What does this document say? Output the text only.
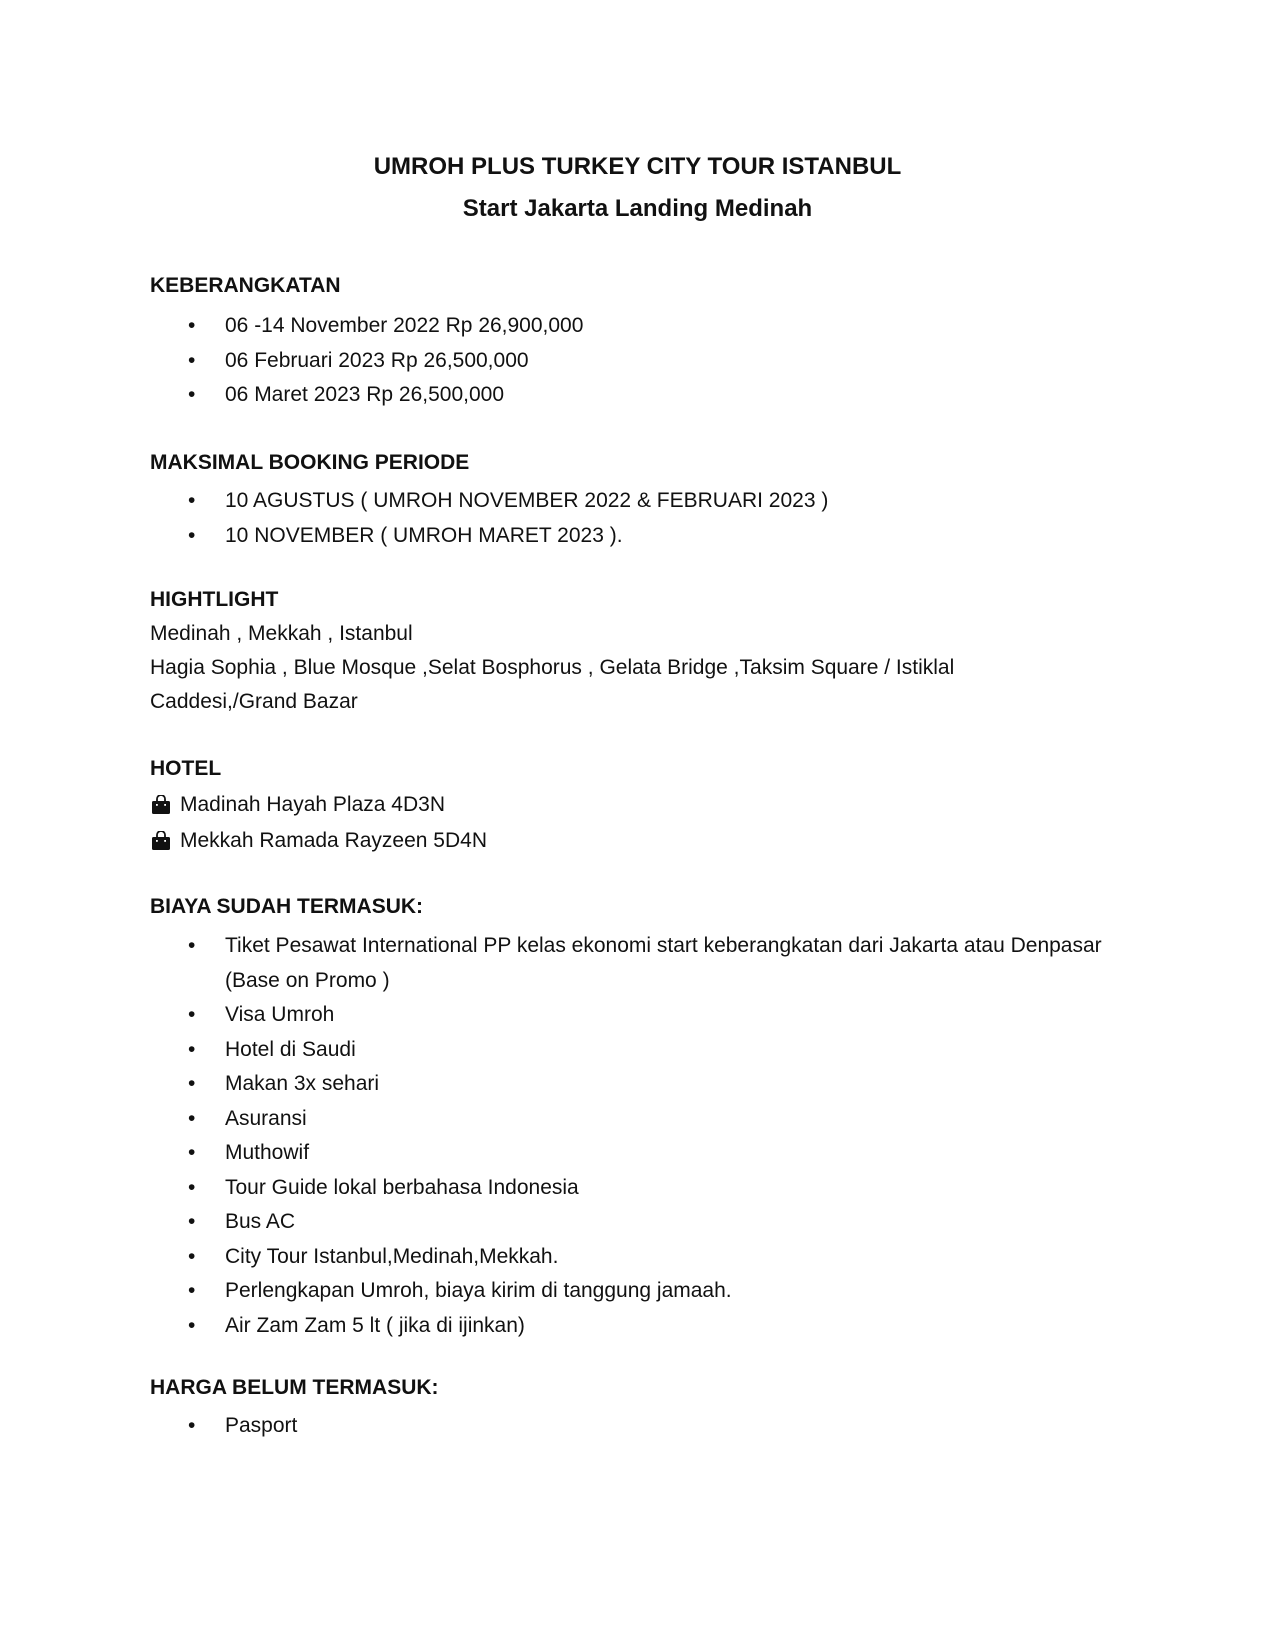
UMROH PLUS TURKEY CITY TOUR ISTANBUL
Start Jakarta Landing Medinah
KEBERANGKATAN
• 06 -14 November 2022 Rp 26,900,000
• 06 Februari 2023 Rp 26,500,000
• 06 Maret 2023 Rp 26,500,000
MAKSIMAL BOOKING PERIODE
• 10 AGUSTUS ( UMROH NOVEMBER 2022 & FEBRUARI 2023 )
• 10 NOVEMBER ( UMROH MARET 2023 ).
HIGHTLIGHT
Medinah , Mekkah , Istanbul
Hagia Sophia , Blue Mosque ,Selat Bosphorus , Gelata Bridge ,Taksim Square / Istiklal
Caddesi,/Grand Bazar
HOTEL
Madinah Hayah Plaza 4D3N
Mekkah Ramada Rayzeen 5D4N
BIAYA SUDAH TERMASUK:
• Tiket Pesawat International PP kelas ekonomi start keberangkatan dari Jakarta atau Denpasar (Base on Promo )
• Visa Umroh
• Hotel di Saudi
• Makan 3x sehari
• Asuransi
• Muthowif
• Tour Guide lokal berbahasa Indonesia
• Bus AC
• City Tour Istanbul,Medinah,Mekkah.
• Perlengkapan Umroh, biaya kirim di tanggung jamaah.
• Air Zam Zam 5 lt ( jika di ijinkan)
HARGA BELUM TERMASUK:
• Pasport
